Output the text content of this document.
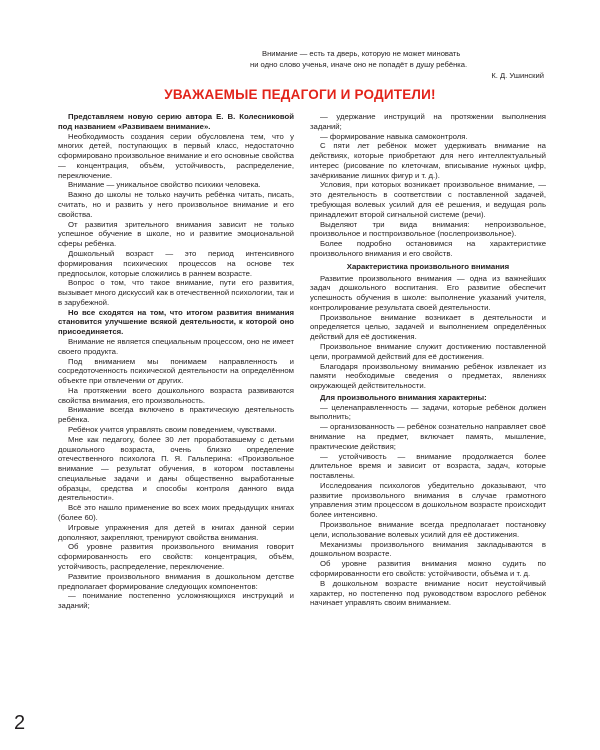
Внимание — есть та дверь, которую не может миновать
ни одно слово ученья, иначе оно не попадёт в душу ребёнка.
К. Д. Ушинский
УВАЖАЕМЫЕ ПЕДАГОГИ И РОДИТЕЛИ!

Представляем новую серию автора Е. В. Колесниковой под названием «Развиваем внимание».

Необходимость создания серии обусловлена тем, что у многих детей, поступающих в первый класс, недостаточно сформировано произвольное внимание и его основные свойства — концентрация, объём, устойчивость, распределение, переключение.

Внимание — уникальное свойство психики человека.

Важно до школы не только научить ребёнка читать, писать, считать, но и развить у него произвольное внимание и его свойства.

От развития зрительного внимания зависит не только успешное обучение в школе, но и развитие эмоциональной сферы ребёнка.

Дошкольный возраст — это период интенсивного формирования психических процессов на основе тех предпосылок, которые сложились в раннем возрасте.

Вопрос о том, что такое внимание, пути его развития, вызывает много дискуссий как в отечественной психологии, так и в зарубежной.

Но все сходятся на том, что итогом развития внимания становится улучшение всякой деятельности, к которой оно присоединяется.

Внимание не является специальным процессом, оно не имеет своего продукта.

Под вниманием мы понимаем направленность и сосредоточенность психической деятельности на определённом объекте при отвлечении от других.

На протяжении всего дошкольного возраста развиваются свойства внимания, его произвольность.

Внимание всегда включено в практическую деятельность ребёнка.

Ребёнок учится управлять своим поведением, чувствами.

Мне как педагогу, более 30 лет проработавшему с детьми дошкольного возраста, очень близко определение отечественного психолога П. Я. Гальперина: «Произвольное внимание — результат обучения, в котором поставлены специальные задачи и даны общественно выработанные образцы, средства и способы контроля данного вида деятельности».

Всё это нашло применение во всех моих предыдущих книгах (более 60).

Игровые упражнения для детей в книгах данной серии дополняют, закрепляют, тренируют свойства внимания.

Об уровне развития произвольного внимания говорит сформированность его свойств: концентрация, объём, устойчивость, распределение, переключение.

Развитие произвольного внимания в дошкольном детстве предполагает формирование следующих компонентов:

— понимание постепенно усложняющихся инструкций и заданий;

— удержание инструкций на протяжении выполнения заданий;

— формирование навыка самоконтроля.

С пяти лет ребёнок может удерживать внимание на действиях, которые приобретают для него интеллектуальный интерес (рисование по клеточкам, вписывание нужных цифр, зачёркивание лишних фигур и т. д.).

Условия, при которых возникает произвольное внимание, — это деятельность в соответствии с поставленной задачей, требующая волевых усилий для её решения, и ведущая роль принадлежит второй сигнальной системе (речи).

Выделяют три вида внимания: непроизвольное, произвольное и постпроизвольное (послепроизвольное).

Более подробно остановимся на характеристике произвольного внимания и его свойств.

Характеристика произвольного внимания

Развитие произвольного внимания — одна из важнейших задач дошкольного воспитания. Его развитие обеспечит успешность обучения в школе: выполнение указаний учителя, контролирование результата своей деятельности.

Произвольное внимание возникает в деятельности и определяется целью, задачей и выполнением определённых действий для её достижения.

Произвольное внимание служит достижению поставленной цели, программой действий для её достижения.

Благодаря произвольному вниманию ребёнок извлекает из памяти необходимые сведения о предметах, явлениях окружающей действительности.

Для произвольного внимания характерны:

— целенаправленность — задачи, которые ребёнок должен выполнить;

— организованность — ребёнок сознательно направляет своё внимание на предмет, включает память, мышление, практические действия;

— устойчивость — внимание продолжается более длительное время и зависит от возраста, задач, которые поставлены.

Исследования психологов убедительно доказывают, что развитие произвольного внимания в случае грамотного управления этим процессом в дошкольном возрасте происходит более интенсивно.

Произвольное внимание всегда предполагает постановку цели, использование волевых усилий для её достижения.

Механизмы произвольного внимания закладываются в дошкольном возрасте.

Об уровне развития внимания можно судить по сформированности его свойств: устойчивости, объёма и т. д.

В дошкольном возрасте внимание носит неустойчивый характер, но постепенно под руководством взрослого ребёнок начинает управлять своим вниманием.

2
